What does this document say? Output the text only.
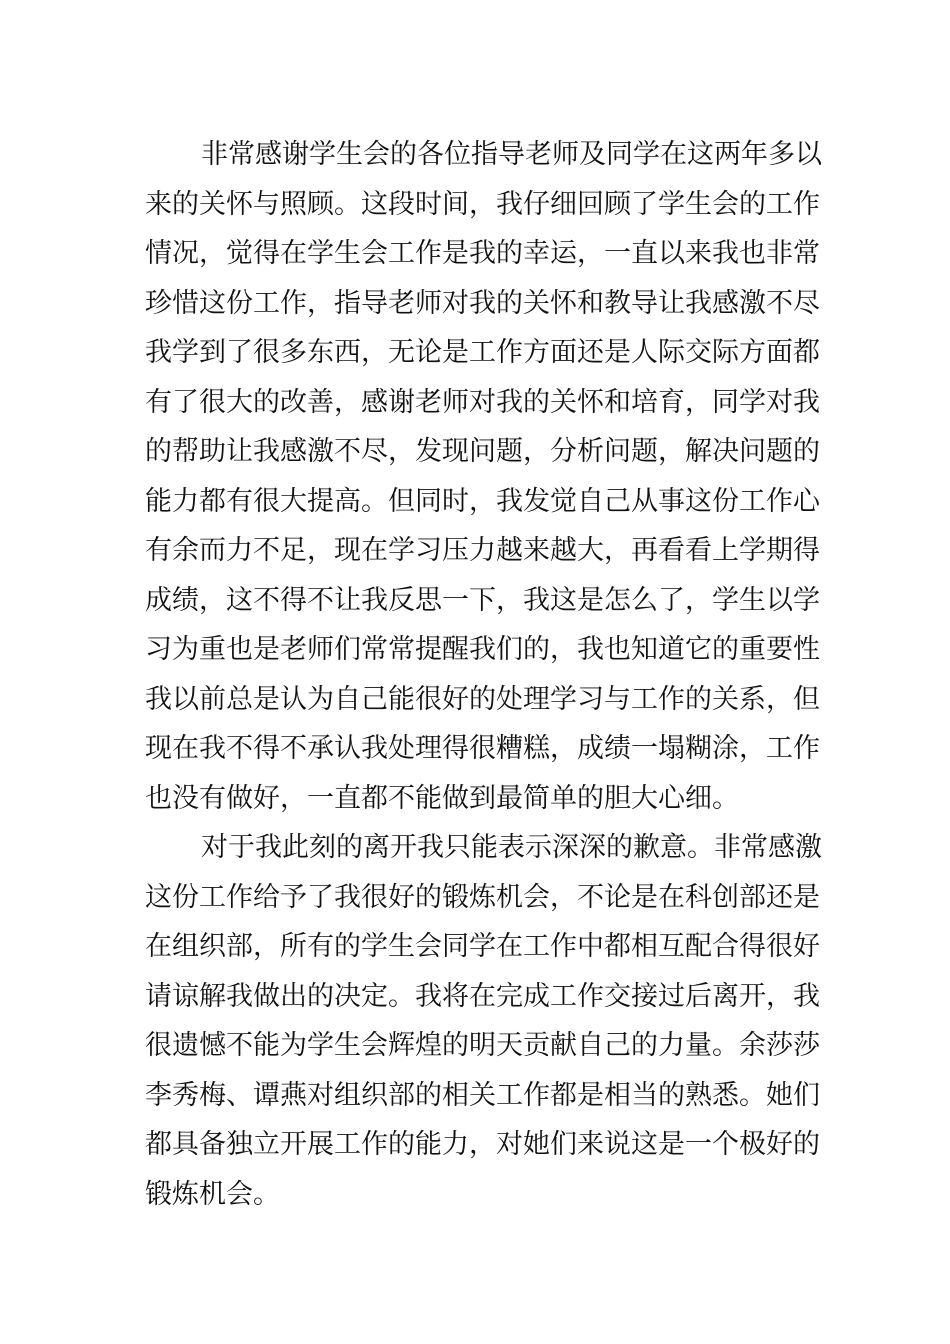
非常感谢学生会的各位指导老师及同学在这两年多以
来的关怀与照顾。这段时间，我仔细回顾了学生会的工作
情况，觉得在学生会工作是我的幸运，一直以来我也非常
珍惜这份工作，指导老师对我的关怀和教导让我感激不尽
我学到了很多东西，无论是工作方面还是人际交际方面都
有了很大的改善，感谢老师对我的关怀和培育，同学对我
的帮助让我感激不尽，发现问题，分析问题，解决问题的
能力都有很大提高。但同时，我发觉自己从事这份工作心
有余而力不足，现在学习压力越来越大，再看看上学期得
成绩，这不得不让我反思一下，我这是怎么了，学生以学
习为重也是老师们常常提醒我们的，我也知道它的重要性
我以前总是认为自己能很好的处理学习与工作的关系，但
现在我不得不承认我处理得很糟糕，成绩一塌糊涂，工作
也没有做好，一直都不能做到最简单的胆大心细。
对于我此刻的离开我只能表示深深的歉意。非常感激
这份工作给予了我很好的锻炼机会，不论是在科创部还是
在组织部，所有的学生会同学在工作中都相互配合得很好
请谅解我做出的决定。我将在完成工作交接过后离开，我
很遗憾不能为学生会辉煌的明天贡献自己的力量。余莎莎
李秀梅、谭燕对组织部的相关工作都是相当的熟悉。她们
都具备独立开展工作的能力，对她们来说这是一个极好的
锻炼机会。
